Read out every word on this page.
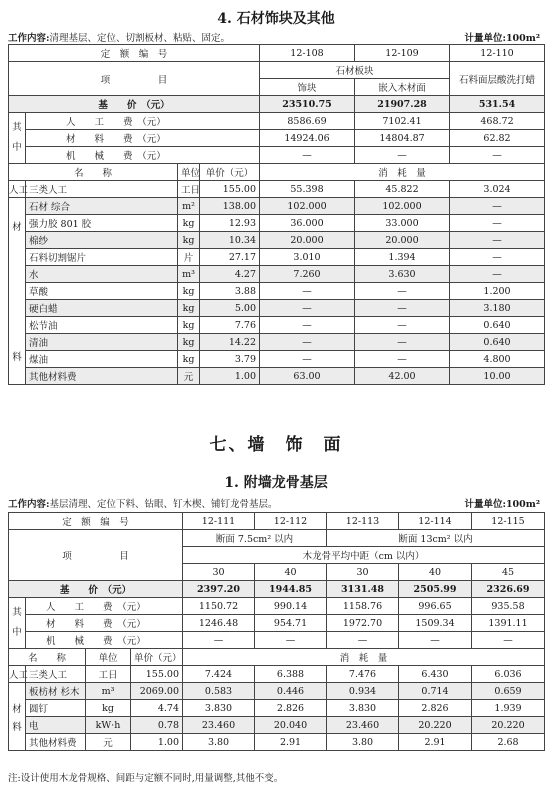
4. 石材饰块及其他
工作内容:清理基层、定位、切割板材、粘贴、固定。	计量单位:100m²
定　额　编　号				12-108	12-109	12-110
项　　　　　目				石材板块		石料面层酸洗打蜡
				饰块	嵌入木材面	
基　　价　（元）				23510.75	21907.28	531.54
其
中	人　　工　　费　（元）			8586.69	7102.41	468.72
	材　　料　　费　（元）			14924.06	14804.87	62.82
	机　　械　　费　（元）			—	—	—
名　　称		单位	单价（元）	消　耗　量		
人工	三类人工	工日	155.00	55.398	45.822	3.024

材
料	石材 综合	m²	138.00	102.000	102.000	—
	强力胶 801 胶	kg	12.93	36.000	33.000	—
	棉纱	kg	10.34	20.000	20.000	—
	石料切割锯片	片	27.17	3.010	1.394	—
	水	m³	4.27	7.260	3.630	—
	草酸	kg	3.88	—	—	1.200
	硬白蜡	kg	5.00	—	—	3.180
	松节油	kg	7.76	—	—	0.640
	清油	kg	14.22	—	—	0.640
	煤油	kg	3.79	—	—	4.800
	其他材料费	元	1.00	63.00	42.00	10.00
七、墙　饰　面
1. 附墙龙骨基层
工作内容:基层清理、定位下料、钻眼、钉木楔、铺钉龙骨基层。	计量单位:100m²
定　额　编　号				12-111	12-112	12-113	12-114	12-115
项　　　　　目				断面 7.5cm² 以内		断面 13cm² 以内		
				木龙骨平均中距（cm 以内）				
				30	40	30	40	45
基　　价　（元）				2397.20	1944.85	3131.48	2505.99	2326.69
其
中	人　　工　　费　（元）			1150.72	990.14	1158.76	996.65	935.58
	材　　料　　费　（元）			1246.48	954.71	1972.70	1509.34	1391.11
	机　　械　　费　（元）			—	—	—	—	—
名　　称		单位	单价（元）	消　耗　量				
人工	三类人工	工日	155.00	7.424	6.388	7.476	6.430	6.036

材
料	板枋材 杉木	m³	2069.00	0.583	0.446	0.934	0.714	0.659
	圆钉	kg	4.74	3.830	2.826	3.830	2.826	1.939
	电	kW·h	0.78	23.460	20.040	23.460	20.220	20.220
	其他材料费	元	1.00	3.80	2.91	3.80	2.91	2.68
注:设计使用木龙骨规格、间距与定额不同时,用量调整,其他不变。
